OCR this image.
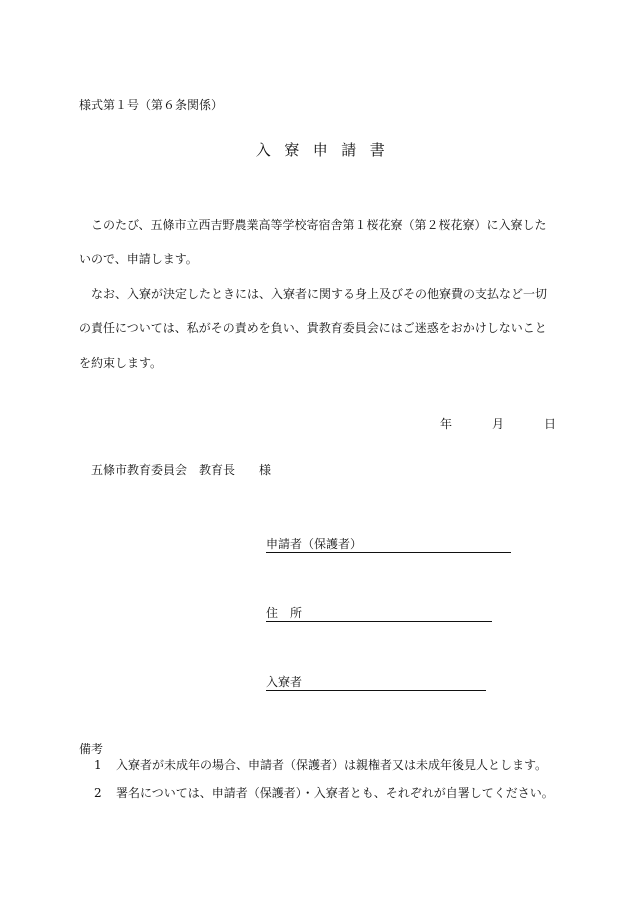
様式第１号（第６条関係）
入寮申請書
このたび、五條市立西吉野農業高等学校寄宿舎第１桜花寮（第２桜花寮）に入寮した
いので、申請します。
なお、入寮が決定したときには、入寮者に関する身上及びその他寮費の支払など一切
の責任については、私がその責めを負い、貴教育委員会にはご迷惑をおかけしないこと
を約束します。
年	月	日
五條市教育委員会　教育長　　様
申請者（保護者）
住　所
入寮者
備考
1 入寮者が未成年の場合、申請者（保護者）は親権者又は未成年後見人とします。
2 署名については、申請者（保護者）・入寮者とも、それぞれが自署してください。
